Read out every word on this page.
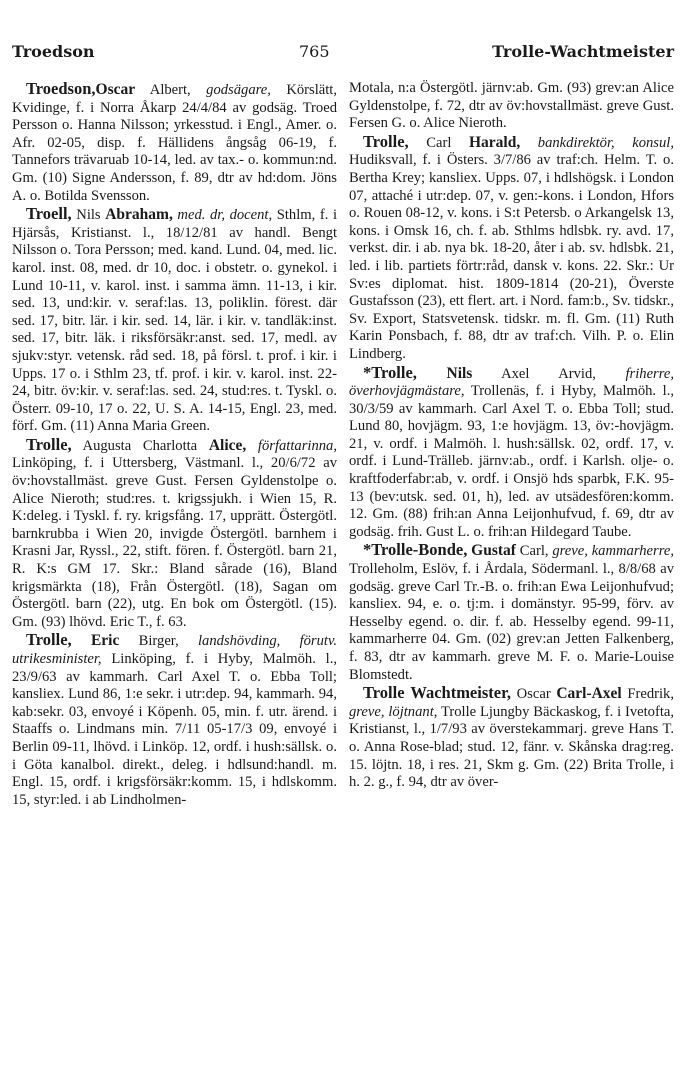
Troedson	765	Trolle-Wachtmeister

Troedson,Oscar Albert, godsägare, Körslätt, Kvidinge, f. i Norra Åkarp 24/4/84 av godsäg. Troed Persson o. Hanna Nilsson; yrkesstud. i Engl., Amer. o. Afr. 02-05, disp. f. Hällidens ångsåg 06-19, f. Tannefors trävaruab 10-14, led. av tax.- o. kommun:nd. Gm. (10) Signe Andersson, f. 89, dtr av hd:dom. Jöns A. o. Botilda Svensson.

Troell, Nils Abraham, med. dr, docent, Sthlm, f. i Hjärsås, Kristianst. l., 18/12/81 av handl. Bengt Nilsson o. Tora Persson; med. kand. Lund. 04, med. lic. karol. inst. 08, med. dr 10, doc. i obstetr. o. gynekol. i Lund 10-11, v. karol. inst. i samma ämn. 11-13, i kir. sed. 13, und:kir. v. seraf:las. 13, poliklin. förest. där sed. 17, bitr. lär. i kir. sed. 14, lär. i kir. v. tandläk:inst. sed. 17, bitr. läk. i riksförsäkr:anst. sed. 17, medl. av sjukv:styr. vetensk. råd sed. 18, på försl. t. prof. i kir. i Upps. 17 o. i Sthlm 23, tf. prof. i kir. v. karol. inst. 22-24, bitr. öv:kir. v. seraf:las. sed. 24, stud:res. t. Tyskl. o. Österr. 09-10, 17 o. 22, U. S. A. 14-15, Engl. 23, med. förf. Gm. (11) Anna Maria Green.

Trolle, Augusta Charlotta Alice, författarinna, Linköping, f. i Uttersberg, Västmanl. l., 20/6/72 av öv:hovstallmäst. greve Gust. Fersen Gyldenstolpe o. Alice Nieroth; stud:res. t. krigssjukh. i Wien 15, R. K:deleg. i Tyskl. f. ry. krigsfång. 17, upprätt. Östergötl. barnkrubba i Wien 20, invigde Östergötl. barnhem i Krasni Jar, Ryssl., 22, stift. fören. f. Östergötl. barn 21, R. K:s GM 17. Skr.: Bland sårade (16), Bland krigsmärkta (18), Från Östergötl. (18), Sagan om Östergötl. barn (22), utg. En bok om Östergötl. (15). Gm. (93) lhövd. Eric T., f. 63.

Trolle, Eric Birger, landshövding, förutv. utrikesminister, Linköping, f. i Hyby, Malmöh. l., 23/9/63 av kammarh. Carl Axel T. o. Ebba Toll; kansliex. Lund 86, 1:e sekr. i utr:dep. 94, kammarh. 94, kab:sekr. 03, envoyé i Köpenh. 05, min. f. utr. ärend. i Staaffs o. Lindmans min. 7/11 05-17/3 09, envoyé i Berlin 09-11, lhövd. i Linköp. 12, ordf. i hush:sällsk. o. i Göta kanalbol. direkt., deleg. i hdlsund:handl. m. Engl. 15, ordf. i krigsförsäkr:komm. 15, i hdlskomm. 15, styr:led. i ab Lindholmen-

Motala, n:a Östergötl. järnv:ab. Gm. (93) grev:an Alice Gyldenstolpe, f. 72, dtr av öv:hovstallmäst. greve Gust. Fersen G. o. Alice Nieroth.

Trolle, Carl Harald, bankdirektör, konsul, Hudiksvall, f. i Östers. 3/7/86 av traf:ch. Helm. T. o. Bertha Krey; kansliex. Upps. 07, i hdlshögsk. i London 07, attaché i utr:dep. 07, v. gen:-kons. i London, Hfors o. Rouen 08-12, v. kons. i S:t Petersb. o Arkangelsk 13, kons. i Omsk 16, ch. f. ab. Sthlms hdlsbk. ry. avd. 17, verkst. dir. i ab. nya bk. 18-20, åter i ab. sv. hdlsbk. 21, led. i lib. partiets förtr:råd, dansk v. kons. 22. Skr.: Ur Sv:es diplomat. hist. 1809-1814 (20-21), Överste Gustafsson (23), ett flert. art. i Nord. fam:b., Sv. tidskr., Sv. Export, Statsvetensk. tidskr. m. fl. Gm. (11) Ruth Karin Ponsbach, f. 88, dtr av traf:ch. Vilh. P. o. Elin Lindberg.

*Trolle, Nils Axel Arvid, friherre, överhovjägmästare, Trollenäs, f. i Hyby, Malmöh. l., 30/3/59 av kammarh. Carl Axel T. o. Ebba Toll; stud. Lund 80, hovjägm. 93, 1:e hovjägm. 13, öv:-hovjägm. 21, v. ordf. i Malmöh. l. hush:sällsk. 02, ordf. 17, v. ordf. i Lund-Trälleb. järnv:ab., ordf. i Karlsh. olje- o. kraftfoderfabr:ab, v. ordf. i Onsjö hds sparbk, F.K. 95-13 (bev:utsk. sed. 01, h), led. av utsädesfören:komm. 12. Gm. (88) frih:an Anna Leijonhufvud, f. 69, dtr av godsäg. frih. Gust L. o. frih:an Hildegard Taube.

*Trolle-Bonde, Gustaf Carl, greve, kammarherre, Trolleholm, Eslöv, f. i Årdala, Södermanl. l., 8/8/68 av godsäg. greve Carl Tr.-B. o. frih:an Ewa Leijonhufvud; kansliex. 94, e. o. tj:m. i domänstyr. 95-99, förv. av Hesselby egend. o. dir. f. ab. Hesselby egend. 99-11, kammarherre 04. Gm. (02) grev:an Jetten Falkenberg, f. 83, dtr av kammarh. greve M. F. o. Marie-Louise Blomstedt.

Trolle Wachtmeister, Oscar Carl-Axel Fredrik, greve, löjtnant, Trolle Ljungby Bäckaskog, f. i Ivetofta, Kristianst, l., 1/7/93 av överstekammarj. greve Hans T. o. Anna Rose-blad; stud. 12, fänr. v. Skånska drag:reg. 15. löjtn. 18, i res. 21, Skm g. Gm. (22) Brita Trolle, i h. 2. g., f. 94, dtr av över-
